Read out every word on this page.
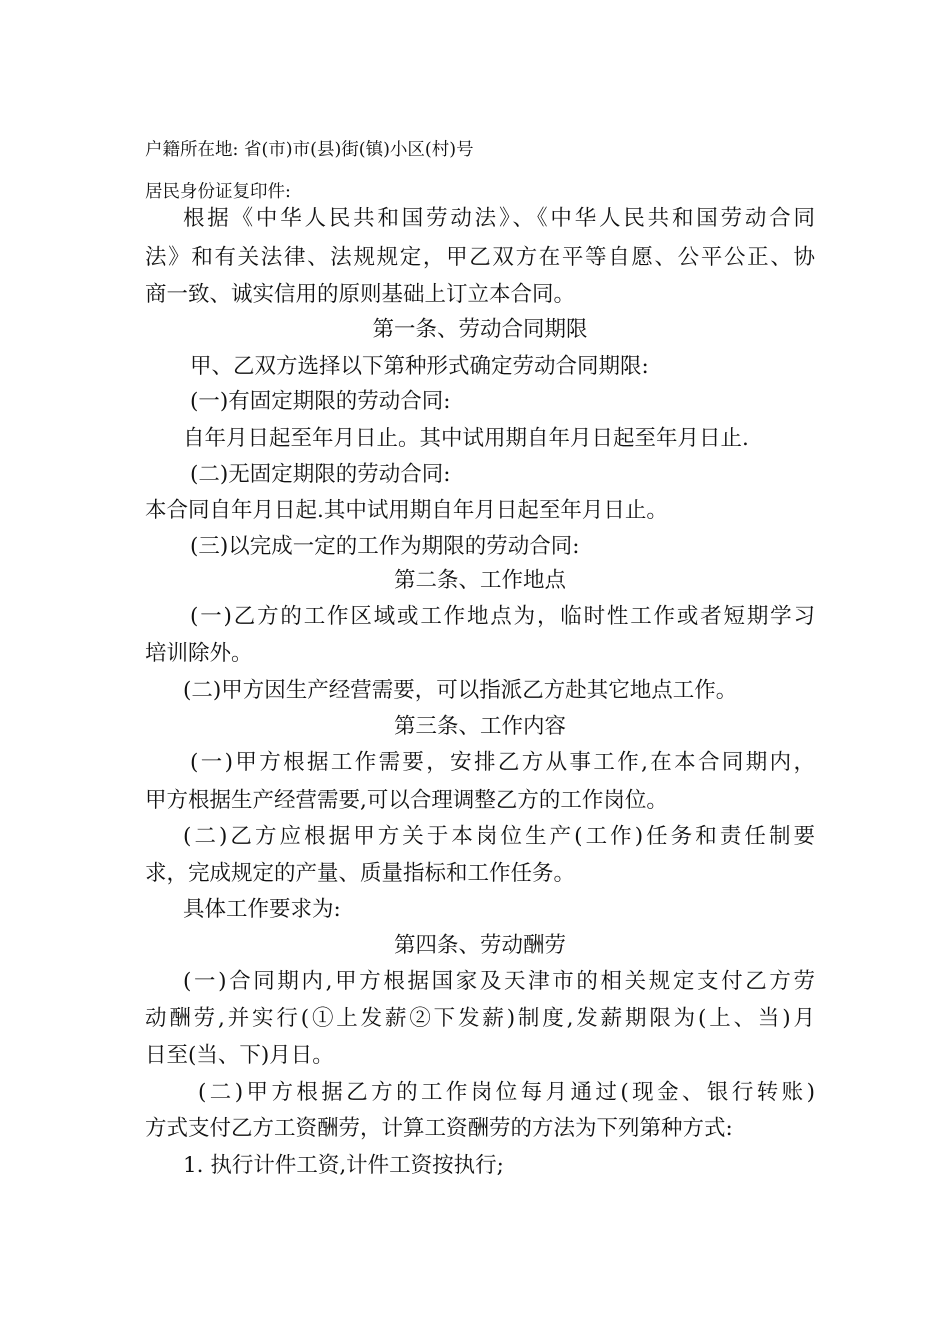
户籍所在地: 省(市)市(县)街(镇)小区(村)号
居民身份证复印件:
根据《中华人民共和国劳动法》、《中华人民共和国劳动合同
法》和有关法律、法规规定，甲乙双方在平等自愿、公平公正、协
商一致、诚实信用的原则基础上订立本合同。
第一条、劳动合同期限
甲、乙双方选择以下第种形式确定劳动合同期限:
(一)有固定期限的劳动合同:
自年月日起至年月日止。其中试用期自年月日起至年月日止.
(二)无固定期限的劳动合同:
本合同自年月日起.其中试用期自年月日起至年月日止。
(三)以完成一定的工作为期限的劳动合同:
第二条、工作地点
(一)乙方的工作区域或工作地点为，临时性工作或者短期学习
培训除外。
(二)甲方因生产经营需要，可以指派乙方赴其它地点工作。
第三条、工作内容
(一)甲方根据工作需要，安排乙方从事工作,在本合同期内，
甲方根据生产经营需要,可以合理调整乙方的工作岗位。
(二)乙方应根据甲方关于本岗位生产(工作)任务和责任制要
求，完成规定的产量、质量指标和工作任务。
具体工作要求为:
第四条、劳动酬劳
(一)合同期内,甲方根据国家及天津市的相关规定支付乙方劳
动酬劳,并实行(①上发薪②下发薪)制度,发薪期限为(上、当)月
日至(当、下)月日。
(二)甲方根据乙方的工作岗位每月通过(现金、银行转账)
方式支付乙方工资酬劳，计算工资酬劳的方法为下列第种方式:
1. 执行计件工资,计件工资按执行;
